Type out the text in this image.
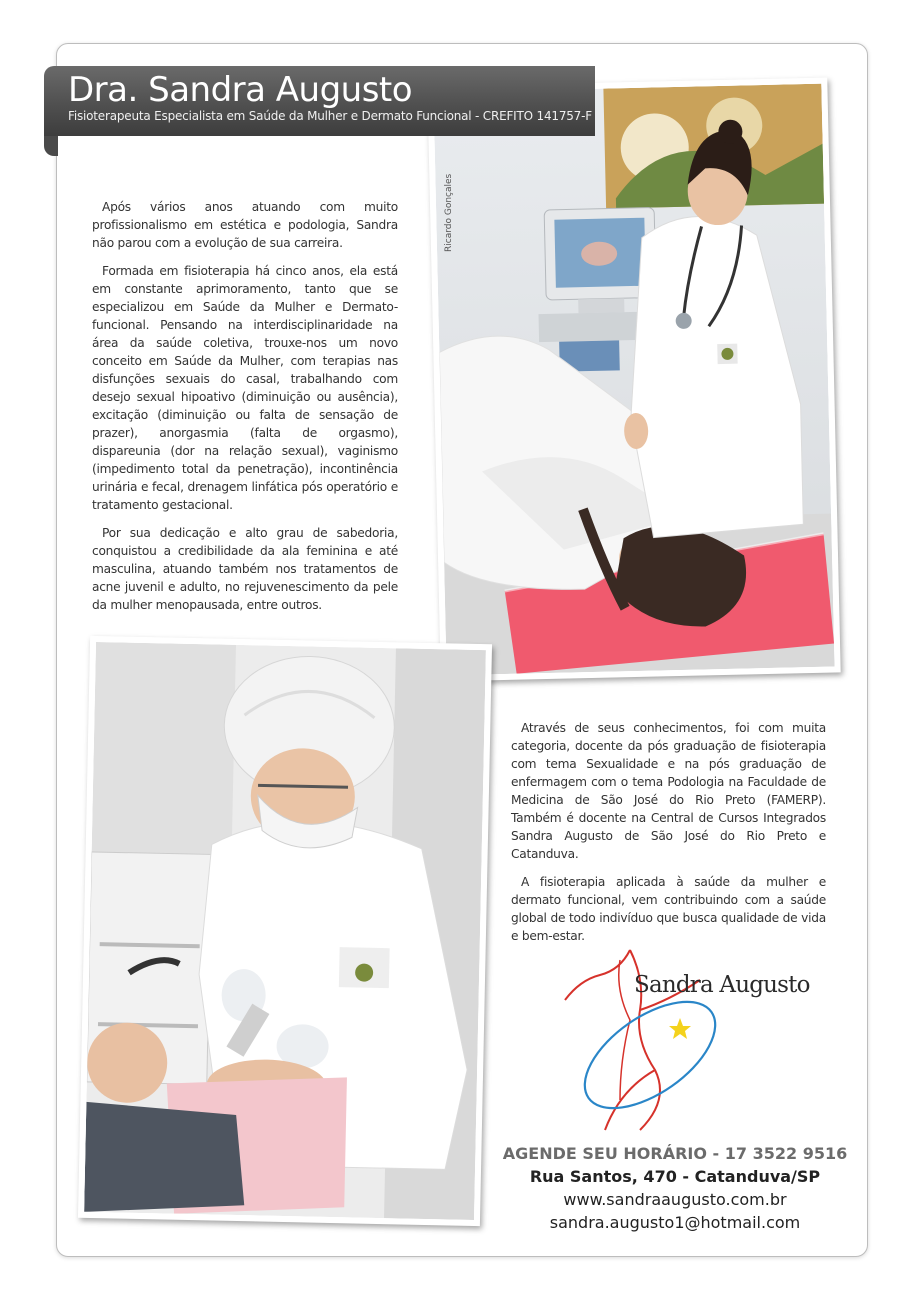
Dra. Sandra Augusto
Fisioterapeuta Especialista em Saúde da Mulher e Dermato Funcional - CREFITO 141757-F

Após vários anos atuando com muito profissionalismo em estética e podologia, Sandra não parou com a evolução de sua carreira.

Formada em fisioterapia há cinco anos, ela está em constante aprimoramento, tanto que se especializou em Saúde da Mulher e Dermato-funcional. Pensando na interdisciplinaridade na área da saúde coletiva, trouxe-nos um novo conceito em Saúde da Mulher, com terapias nas disfunções sexuais do casal, trabalhando com desejo sexual hipoativo (diminuição ou ausência), excitação (diminuição ou falta de sensação de prazer), anorgasmia (falta de orgasmo), dispareunia (dor na relação sexual), vaginismo (impedimento total da penetração), incontinência urinária e fecal, drenagem linfática pós operatório e tratamento gestacional.

Por sua dedicação e alto grau de sabedoria, conquistou a credibilidade da ala feminina e até masculina, atuando também nos tratamentos de acne juvenil e adulto, no rejuvenescimento da pele da mulher menopausada, entre outros.

Ricardo Gonçales

Através de seus conhecimentos, foi com muita categoria, docente da pós graduação de fisioterapia com tema Sexualidade e na pós graduação de enfermagem com o tema Podologia na Faculdade de Medicina de São José do Rio Preto (FAMERP). Também é docente na Central de Cursos Integrados Sandra Augusto de São José do Rio Preto e Catanduva.

A fisioterapia aplicada à saúde da mulher e dermato funcional, vem contribuindo com a saúde global de todo indivíduo que busca qualidade de vida e bem-estar.

Sandra Augusto
AGENDE SEU HORÁRIO - 17 3522 9516
Rua Santos, 470 - Catanduva/SP
www.sandraaugusto.com.br
sandra.augusto1@hotmail.com
